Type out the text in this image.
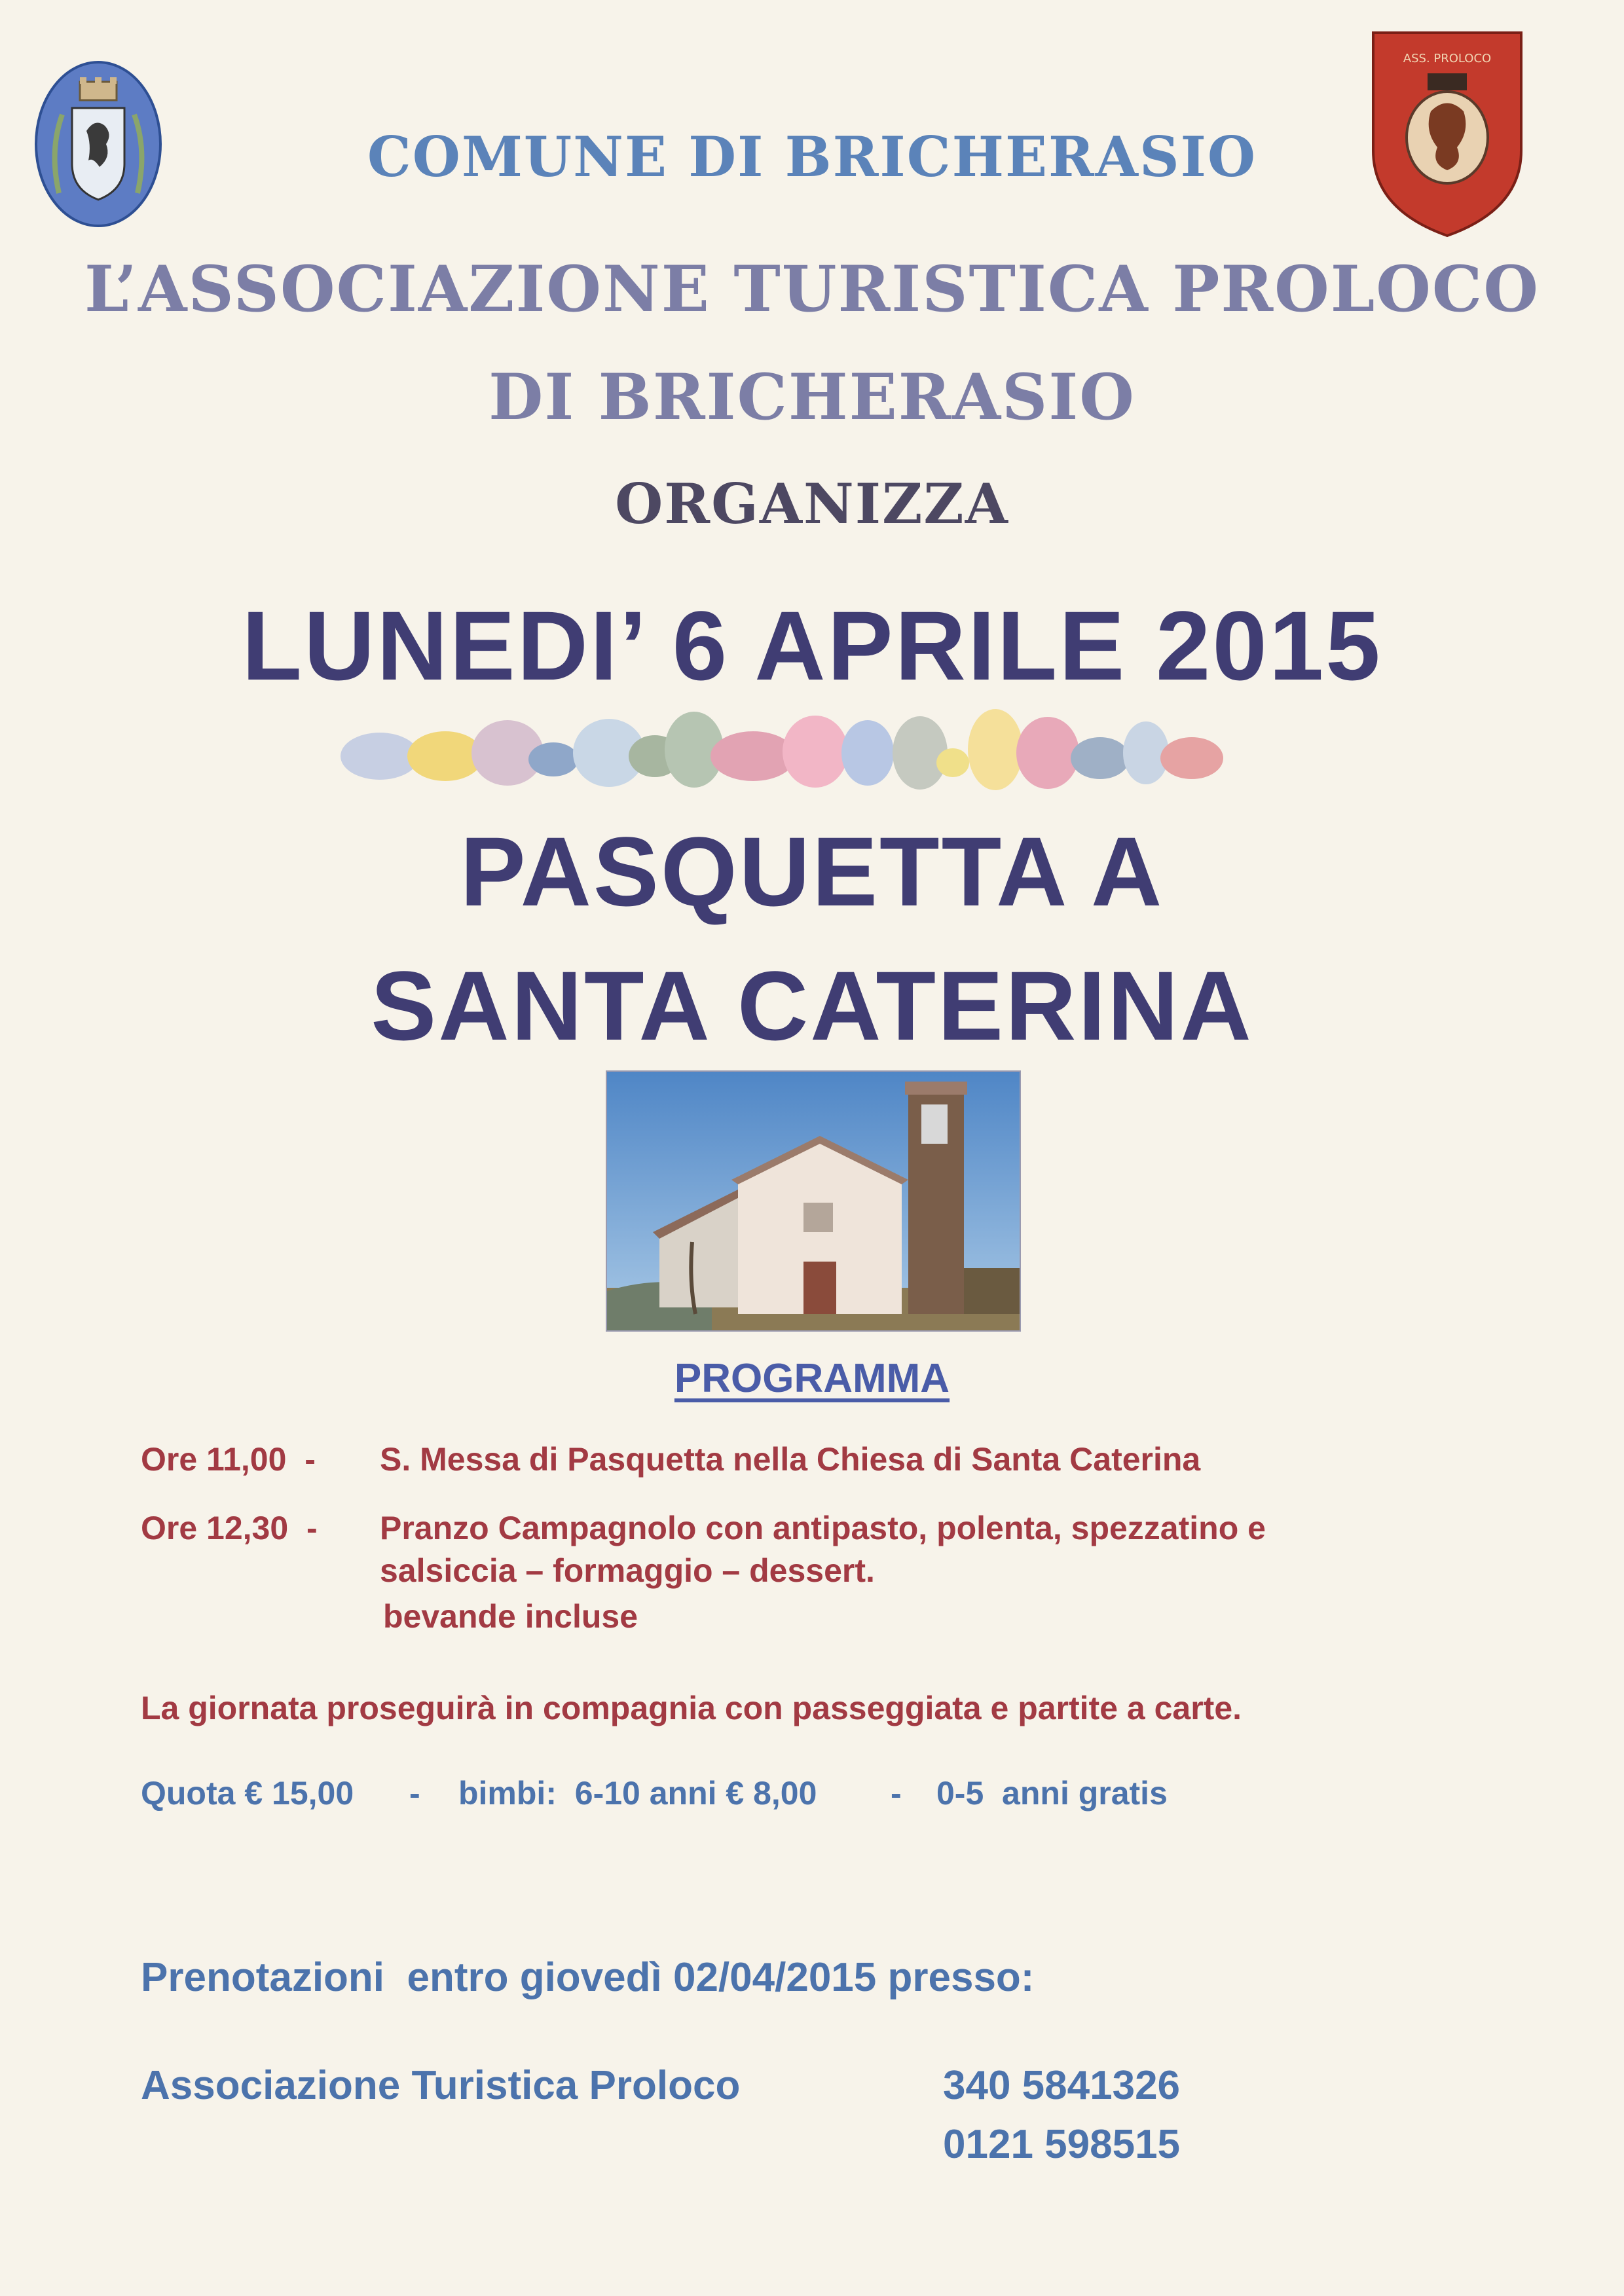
ASS. PROLOCO
COMUNE DI BRICHERASIO
L’ASSOCIAZIONE TURISTICA PROLOCO
DI BRICHERASIO
ORGANIZZA
LUNEDI’ 6 APRILE 2015
PASQUETTA A
SANTA CATERINA
PROGRAMMA
Ore 11,00  - S. Messa di Pasquetta nella Chiesa di Santa Caterina
Ore 12,30  - Pranzo Campagnolo con antipasto, polenta, spezzatino e
salsiccia – formaggio – dessert.
bevande incluse
La giornata proseguirà in compagnia con passeggiata e partite a carte.
Quota € 15,00 - bimbi:  6-10 anni € 8,00 - 0-5  anni gratis
Prenotazioni  entro giovedì 02/04/2015 presso:
Associazione Turistica Proloco	340 5841326
0121 598515
